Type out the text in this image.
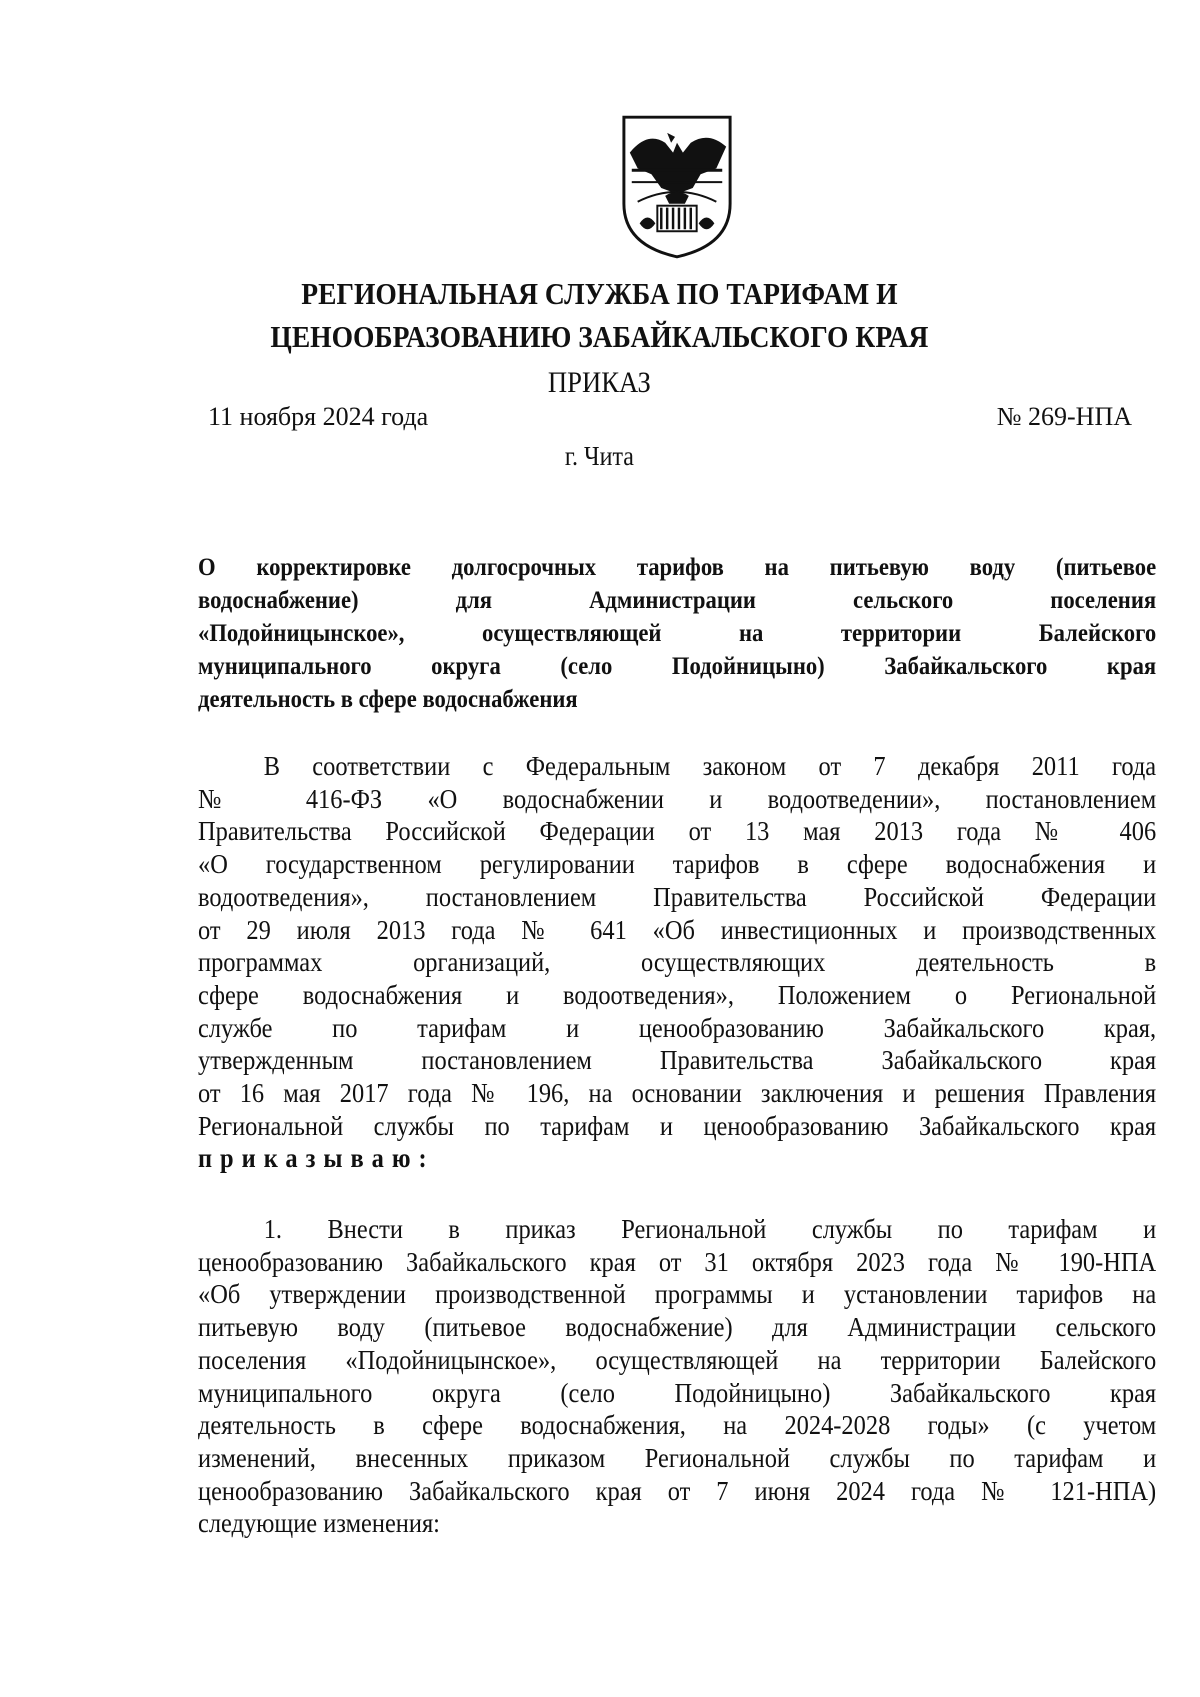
РЕГИОНАЛЬНАЯ СЛУЖБА ПО ТАРИФАМ И
ЦЕНООБРАЗОВАНИЮ ЗАБАЙКАЛЬСКОГО КРАЯ
ПРИКАЗ
11 ноября 2024 года	№ 269-НПА
г. Чита
О корректировке долгосрочных тарифов на питьевую воду (питьевое
водоснабжение) для Администрации сельского поселения
«Подойницынское», осуществляющей на территории Балейского
муниципального округа (село Подойницыно) Забайкальского края
деятельность в сфере водоснабжения
В соответствии с Федеральным законом от 7 декабря 2011 года
№ 416-ФЗ «О водоснабжении и водоотведении», постановлением
Правительства Российской Федерации от 13 мая 2013 года № 406
«О государственном регулировании тарифов в сфере водоснабжения и
водоотведения», постановлением Правительства Российской Федерации
от 29 июля 2013 года № 641 «Об инвестиционных и производственных
программах организаций, осуществляющих деятельность в
сфере водоснабжения и водоотведения», Положением о Региональной
службе по тарифам и ценообразованию Забайкальского края,
утвержденным постановлением Правительства Забайкальского края
от 16 мая 2017 года № 196, на основании заключения и решения Правления
Региональной службы по тарифам и ценообразованию Забайкальского края
приказываю:
1. Внести в приказ Региональной службы по тарифам и
ценообразованию Забайкальского края от 31 октября 2023 года № 190-НПА
«Об утверждении производственной программы и установлении тарифов на
питьевую воду (питьевое водоснабжение) для Администрации сельского
поселения «Подойницынское», осуществляющей на территории Балейского
муниципального округа (село Подойницыно) Забайкальского края
деятельность в сфере водоснабжения, на 2024-2028 годы» (с учетом
изменений, внесенных приказом Региональной службы по тарифам и
ценообразованию Забайкальского края от 7 июня 2024 года № 121-НПА)
следующие изменения:
